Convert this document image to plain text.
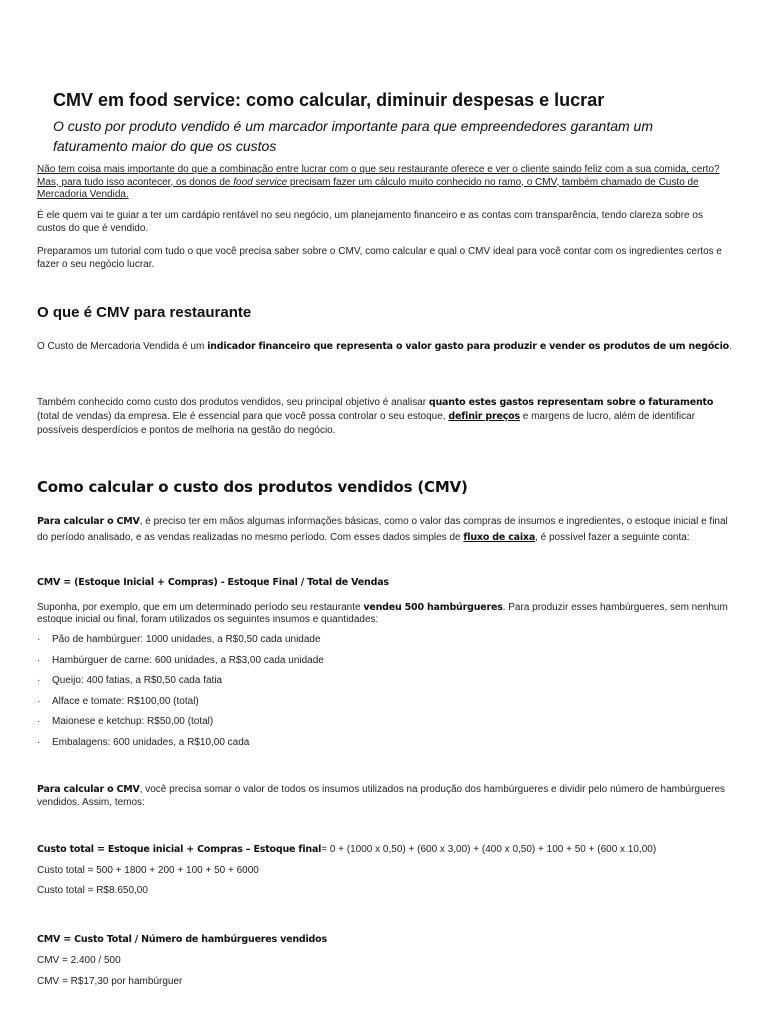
CMV em food service: como calcular, diminuir despesas e lucrar
O custo por produto vendido é um marcador importante para que empreendedores garantam um faturamento maior do que os custos
Não tem coisa mais importante do que a combinação entre lucrar com o que seu restaurante oferece e ver o cliente saindo feliz com a sua comida, certo? Mas, para tudo isso acontecer, os donos de food service precisam fazer um cálculo muito conhecido no ramo, o CMV, também chamado de Custo de Mercadoria Vendida.
É ele quem vai te guiar a ter um cardápio rentável no seu negócio, um planejamento financeiro e as contas com transparência, tendo clareza sobre os custos do que é vendido.
Preparamos um tutorial com tudo o que você precisa saber sobre o CMV, como calcular e qual o CMV ideal para você contar com os ingredientes certos e fazer o seu negócio lucrar.
O que é CMV para restaurante
O Custo de Mercadoria Vendida é um indicador financeiro que representa o valor gasto para produzir e vender os produtos de um negócio.
Também conhecido como custo dos produtos vendidos, seu principal objetivo é analisar quanto estes gastos representam sobre o faturamento (total de vendas) da empresa. Ele é essencial para que você possa controlar o seu estoque, definir preços e margens de lucro, além de identificar possíveis desperdícios e pontos de melhoria na gestão do negócio.
Como calcular o custo dos produtos vendidos (CMV)
Para calcular o CMV, é preciso ter em mãos algumas informações básicas, como o valor das compras de insumos e ingredientes, o estoque inicial e final do período analisado, e as vendas realizadas no mesmo período. Com esses dados simples de fluxo de caixa, é possível fazer a seguinte conta:
CMV = (Estoque Inicial + Compras) - Estoque Final / Total de Vendas
Suponha, por exemplo, que em um determinado período seu restaurante vendeu 500 hambúrgueres. Para produzir esses hambúrgueres, sem nenhum estoque inicial ou final, foram utilizados os seguintes insumos e quantidades:
· Pão de hambúrguer: 1000 unidades, a R$0,50 cada unidade
· Hambúrguer de carne: 600 unidades, a R$3,00 cada unidade
· Queijo: 400 fatias, a R$0,50 cada fatia
· Alface e tomate: R$100,00 (total)
· Maionese e ketchup: R$50,00 (total)
· Embalagens: 600 unidades, a R$10,00 cada
Para calcular o CMV, você precisa somar o valor de todos os insumos utilizados na produção dos hambúrgueres e dividir pelo número de hambúrgueres vendidos. Assim, temos:
Custo total = Estoque inicial + Compras – Estoque final= 0 + (1000 x 0,50) + (600 x 3,00) + (400 x 0,50) + 100 + 50 + (600 x 10,00)
Custo total = 500 + 1800 + 200 + 100 + 50 + 6000
Custo total = R$8.650,00
CMV = Custo Total / Número de hambúrgueres vendidos
CMV = 2.400 / 500
CMV = R$17,30 por hambúrguer
